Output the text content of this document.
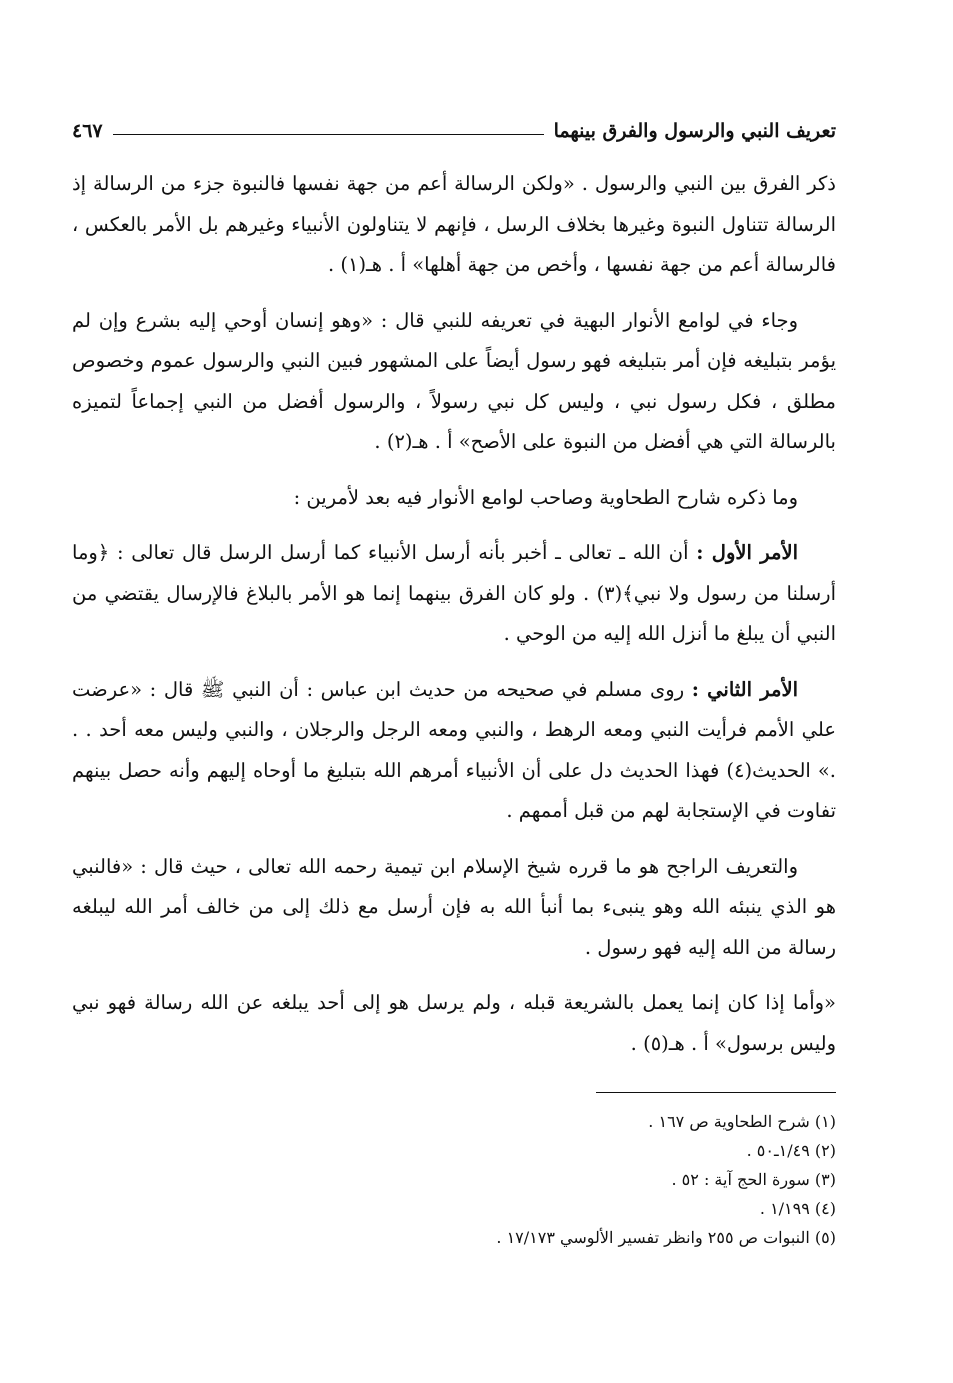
تعريف النبي والرسول والفرق بينهما
٤٦٧

ذكر الفرق بين النبي والرسول . «ولكن الرسالة أعم من جهة نفسها فالنبوة جزء من الرسالة إذ الرسالة تتناول النبوة وغيرها بخلاف الرسل ، فإنهم لا يتناولون الأنبياء وغيرهم بل الأمر بالعكس ، فالرسالة أعم من جهة نفسها ، وأخص من جهة أهلها» أ . هـ(١) .

وجاء في لوامع الأنوار البهية في تعريفه للنبي قال : «وهو إنسان أوحي إليه بشرع وإن لم يؤمر بتبليغه فإن أمر بتبليغه فهو رسول أيضاً على المشهور فبين النبي والرسول عموم وخصوص مطلق ، فكل رسول نبي ، وليس كل نبي رسولاً ، والرسول أفضل من النبي إجماعاً لتميزه بالرسالة التي هي أفضل من النبوة على الأصح» أ . هـ(٢) .

وما ذكره شارح الطحاوية وصاحب لوامع الأنوار فيه بعد لأمرين :

الأمر الأول : أن الله ـ تعالى ـ أخبر بأنه أرسل الأنبياء كما أرسل الرسل قال تعالى : ﴿وما أرسلنا من رسول ولا نبي﴾(٣) . ولو كان الفرق بينهما إنما هو الأمر بالبلاغ فالإرسال يقتضي من النبي أن يبلغ ما أنزل الله إليه من الوحي .

الأمر الثاني : روى مسلم في صحيحه من حديث ابن عباس : أن النبي ﷺ قال : «عرضت علي الأمم فرأيت النبي ومعه الرهط ، والنبي ومعه الرجل والرجلان ، والنبي وليس معه أحد . . .» الحديث(٤) فهذا الحديث دل على أن الأنبياء أمرهم الله بتبليغ ما أوحاه إليهم وأنه حصل بينهم تفاوت في الإستجابة لهم من قبل أممهم .

والتعريف الراجح هو ما قرره شيخ الإسلام ابن تيمية رحمه الله تعالى ، حيث قال : «فالنبي هو الذي ينبئه الله وهو ينبىء بما أنبأ الله به فإن أرسل مع ذلك إلى من خالف أمر الله ليبلغه رسالة من الله إليه فهو رسول .

«وأما إذا كان إنما يعمل بالشريعة قبله ، ولم يرسل هو إلى أحد يبلغه عن الله رسالة فهو نبي وليس برسول» أ . هـ(٥) .

(١) شرح الطحاوية ص ١٦٧ .
(٢) ١/٤٩ـ٥٠ .
(٣) سورة الحج آية : ٥٢ .
(٤) ١/١٩٩ .
(٥) النبوات ص ٢٥٥ وانظر تفسير الألوسي ١٧/١٧٣ .
